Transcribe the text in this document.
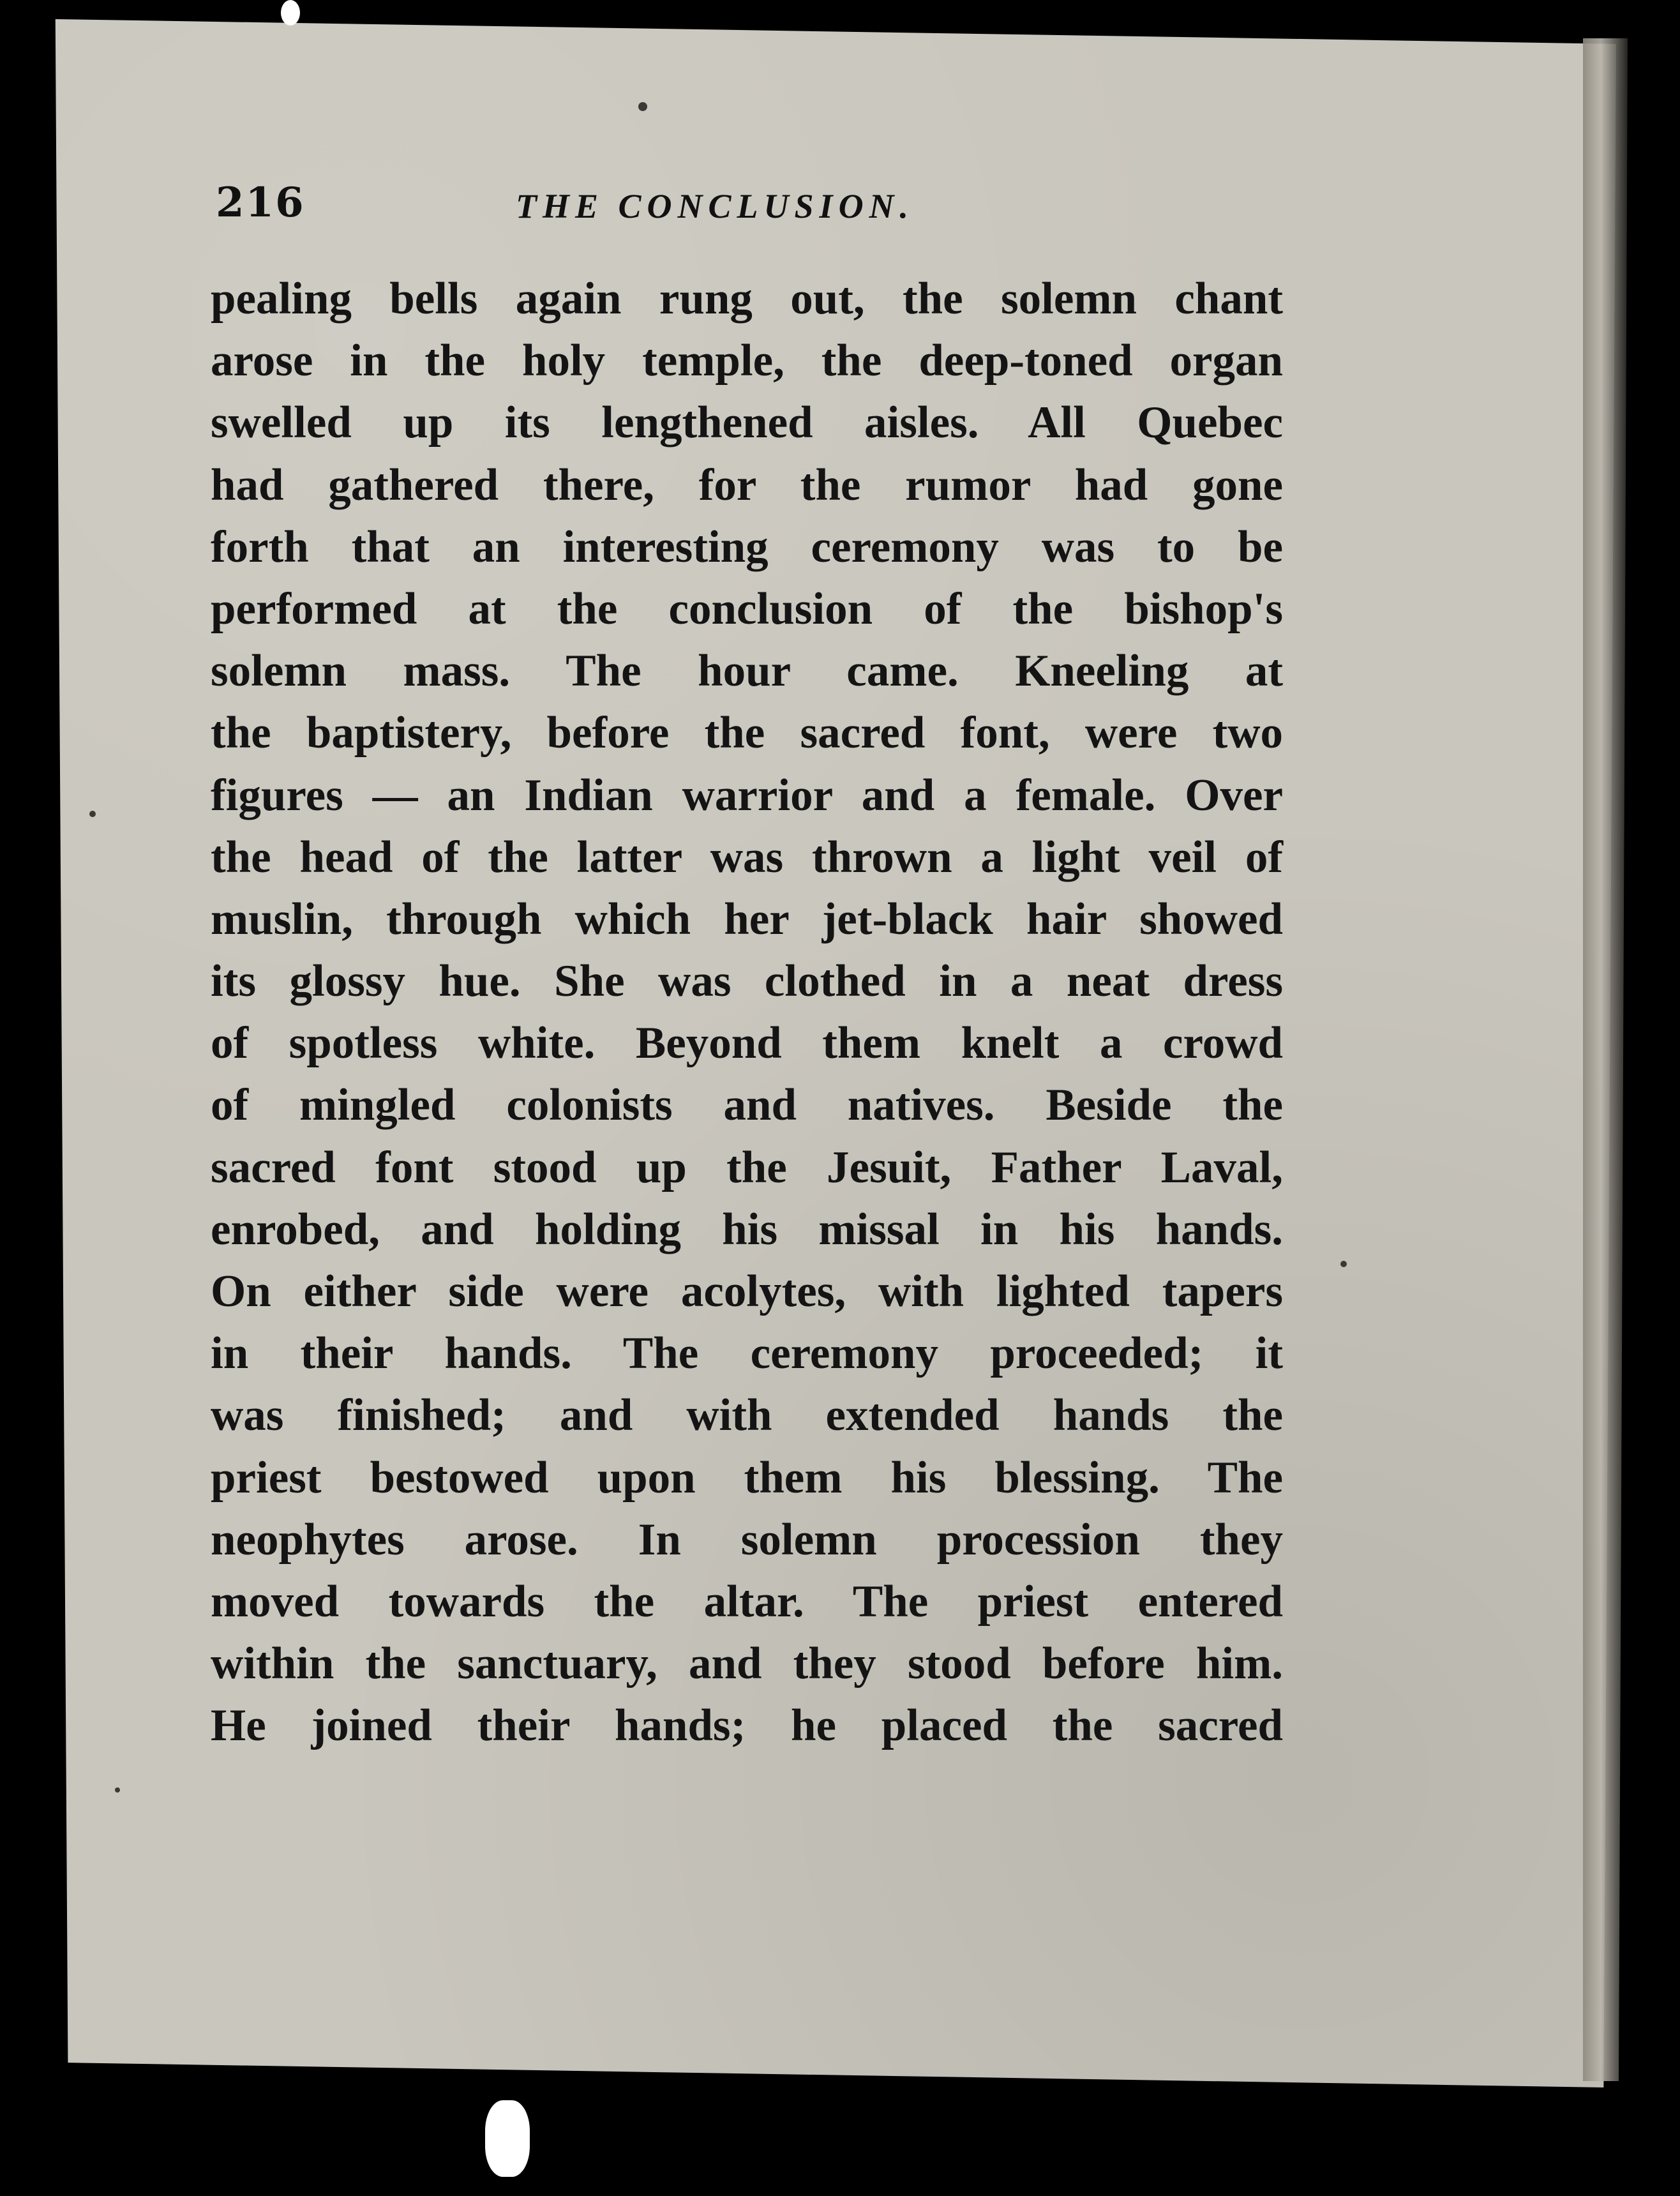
216	THE CONCLUSION.
pealing bells again rung out, the solemn chant
arose in the holy temple, the deep-toned organ
swelled up its lengthened aisles. All Quebec
had gathered there, for the rumor had gone
forth that an interesting ceremony was to be
performed at the conclusion of the bishop's
solemn mass. The hour came. Kneeling at
the baptistery, before the sacred font, were two
figures — an Indian warrior and a female. Over
the head of the latter was thrown a light veil of
muslin, through which her jet-black hair showed
its glossy hue. She was clothed in a neat dress
of spotless white. Beyond them knelt a crowd
of mingled colonists and natives. Beside the
sacred font stood up the Jesuit, Father Laval,
enrobed, and holding his missal in his hands.
On either side were acolytes, with lighted tapers
in their hands. The ceremony proceeded; it
was finished; and with extended hands the
priest bestowed upon them his blessing. The
neophytes arose. In solemn procession they
moved towards the altar. The priest entered
within the sanctuary, and they stood before him.
He joined their hands; he placed the sacred
